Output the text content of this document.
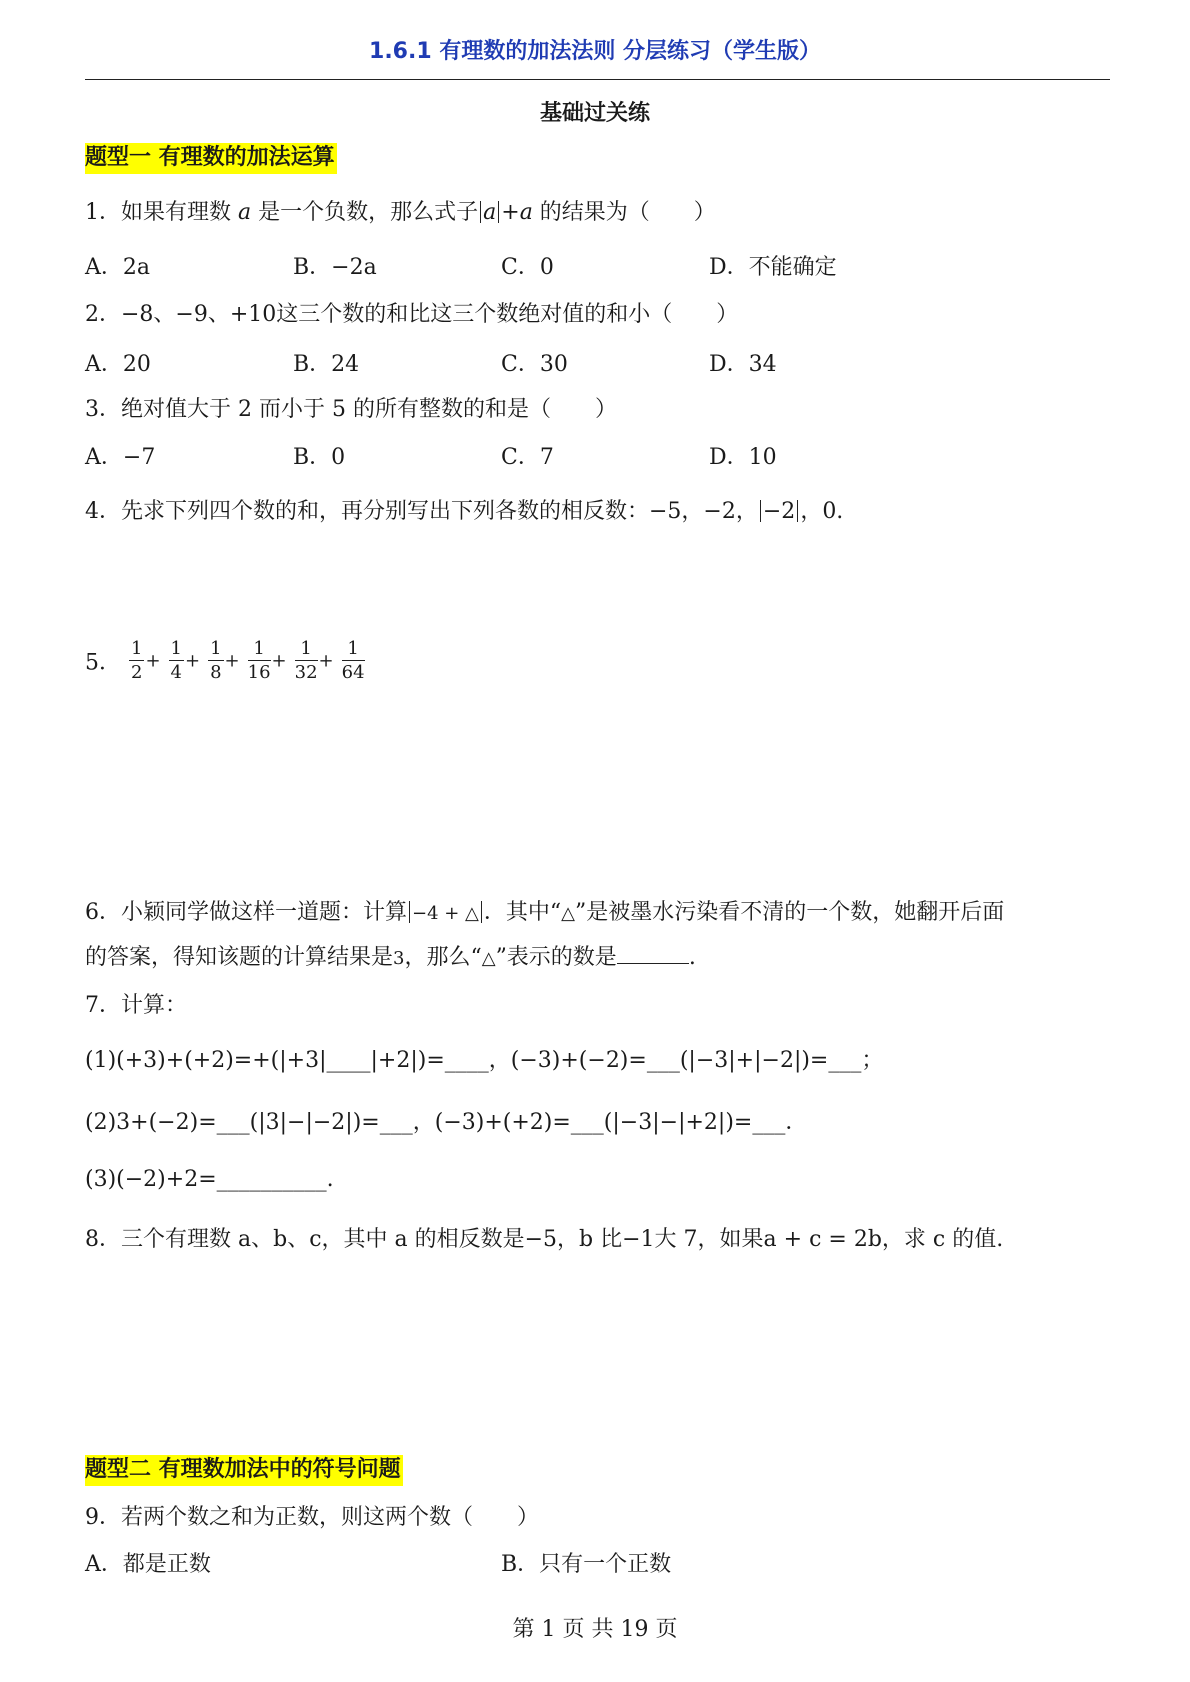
1.6.1 有理数的加法法则 分层练习（学生版）
基础过关练
题型一 有理数的加法运算
1．如果有理数 a 是一个负数，那么式子 a +a 的结果为（　　）
A．2a	B．−2a	C．0	D．不能确定
2．−8、−9、+10这三个数的和比这三个数绝对值的和小（　　）
A．20	B．24	C．30	D．34
3．绝对值大于 2 而小于 5 的所有整数的和是（　　）
A．−7	B．0	C．7	D．10
4．先求下列四个数的和，再分别写出下列各数的相反数：−5，−2， −2 ，0.
5． $\frac{1}{2} + \frac{1}{4} + \frac{1}{8} + \frac{1}{16} + \frac{1}{32} + \frac{1}{64}$
6．小颖同学做这样一道题：计算 −4 + △ ．其中“△”是被墨水污染看不清的一个数，她翻开后面
的答案，得知该题的计算结果是3，那么“△”表示的数是	.
7．计算：
(1)(+3)+(+2)=+(|+3|____|+2|)=____，(−3)+(−2)=___(|−3|+|−2|)=___；
(2)3+(−2)=___(|3|−|−2|)=___，(−3)+(+2)=___(|−3|−|+2|)=___．
(3)(−2)+2=__________.
8．三个有理数 a、b、c，其中 a 的相反数是−5，b 比−1大 7，如果a + c = 2b，求 c 的值.
题型二 有理数加法中的符号问题
9．若两个数之和为正数，则这两个数（　　）
A．都是正数	B．只有一个正数
第 1 页 共 19 页
